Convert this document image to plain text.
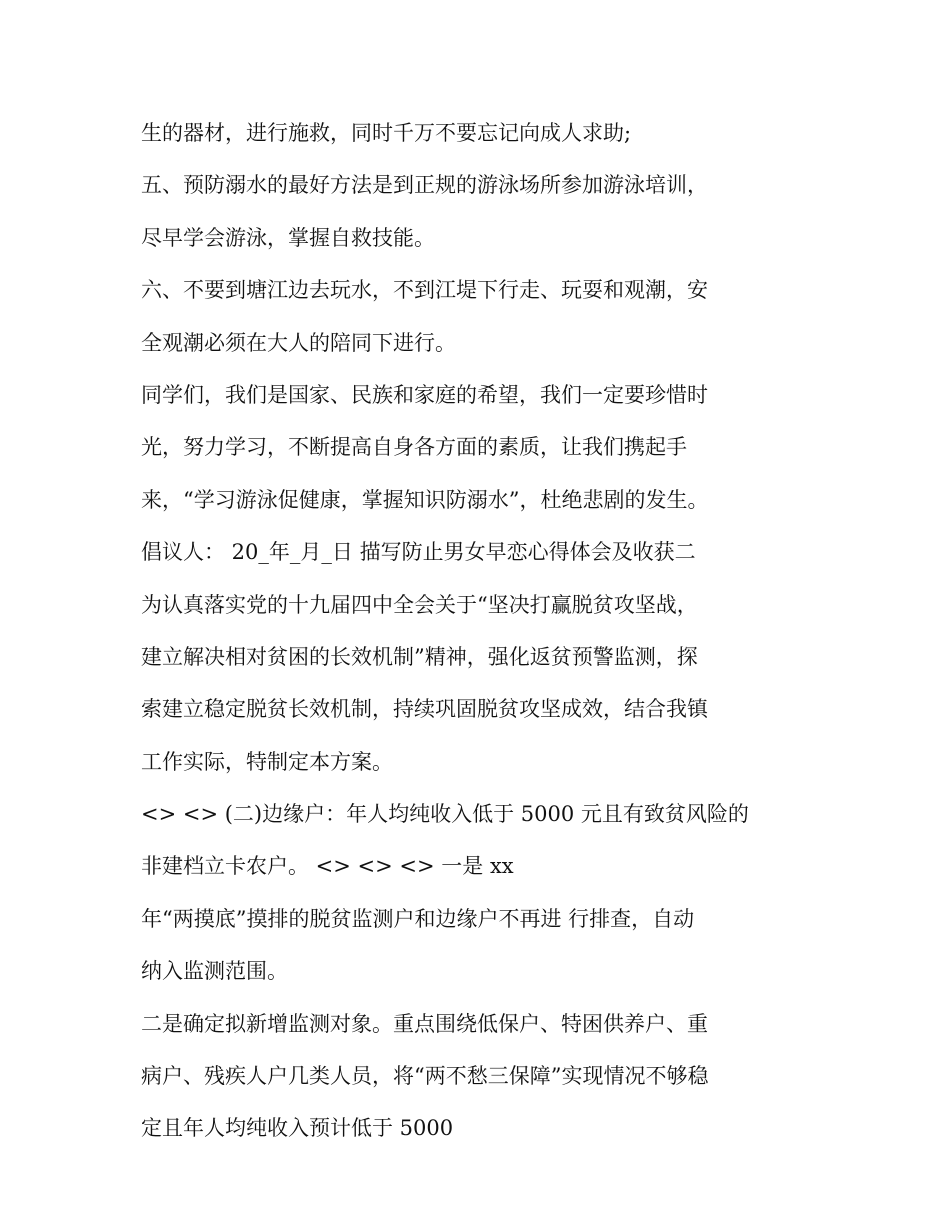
生的器材，进行施救，同时千万不要忘记向成人求助;
五、预防溺水的最好方法是到正规的游泳场所参加游泳培训，
尽早学会游泳，掌握自救技能。
六、不要到塘江边去玩水，不到江堤下行走、玩耍和观潮，安
全观潮必须在大人的陪同下进行。
同学们，我们是国家、民族和家庭的希望，我们一定要珍惜时
光，努力学习，不断提高自身各方面的素质，让我们携起手
来，“学习游泳促健康，掌握知识防溺水”，杜绝悲剧的发生。
倡议人： 20_年_月_日 描写防止男女早恋心得体会及收获二
为认真落实党的十九届四中全会关于“坚决打赢脱贫攻坚战，
建立解决相对贫困的长效机制”精神，强化返贫预警监测，探
索建立稳定脱贫长效机制，持续巩固脱贫攻坚成效，结合我镇
工作实际，特制定本方案。
<> <> (二)边缘户：年人均纯收入低于 5000 元且有致贫风险的
非建档立卡农户。 <> <> <> 一是 xx
年“两摸底”摸排的脱贫监测户和边缘户不再进 行排查，自动
纳入监测范围。
二是确定拟新增监测对象。重点围绕低保户、特困供养户、重
病户、残疾人户几类人员，将“两不愁三保障”实现情况不够稳
定且年人均纯收入预计低于 5000
